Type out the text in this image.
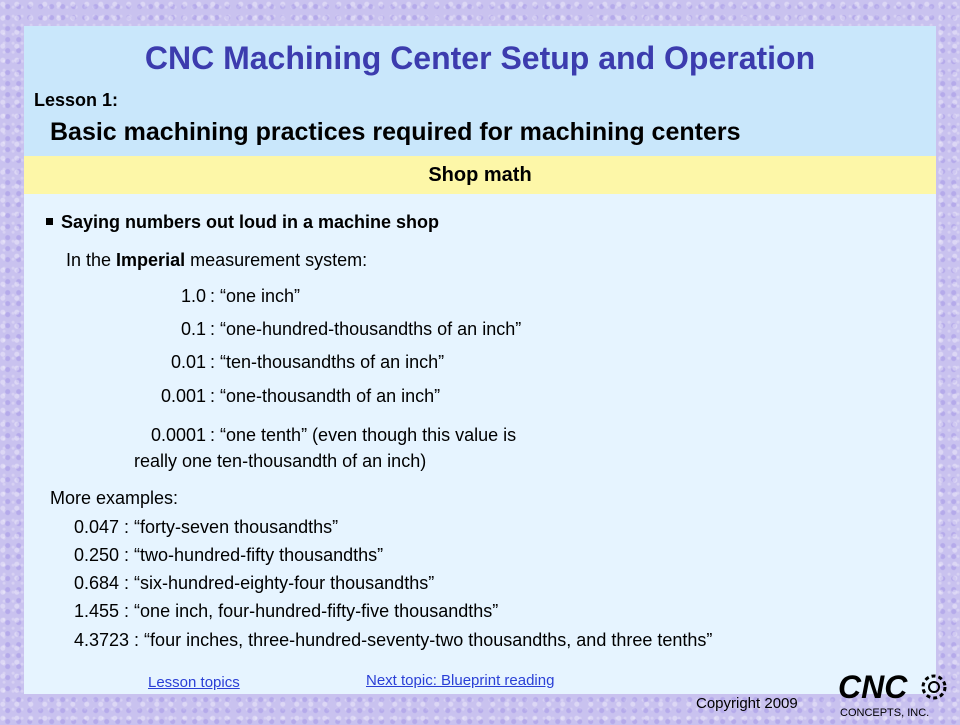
CNC Machining Center Setup and Operation
Lesson 1:
Basic machining practices required for machining centers
Shop math
Saying numbers out loud in a machine shop
In the Imperial measurement system:
1.0 : “one inch”
0.1 : “one-hundred-thousandths of an inch”
0.01 : “ten-thousandths of an inch”
0.001 : “one-thousandth of an inch”
0.0001 : “one tenth” (even though this value is
really one ten-thousandth of an inch)
More examples:
0.047 : “forty-seven thousandths”
0.250 : “two-hundred-fifty thousandths”
0.684 : “six-hundred-eighty-four thousandths”
1.455 : “one inch, four-hundred-fifty-five thousandths”
4.3723 : “four inches, three-hundred-seventy-two thousandths, and three tenths”
Lesson topics	Next topic: Blueprint reading
Copyright 2009 CNC
CONCEPTS, INC.
